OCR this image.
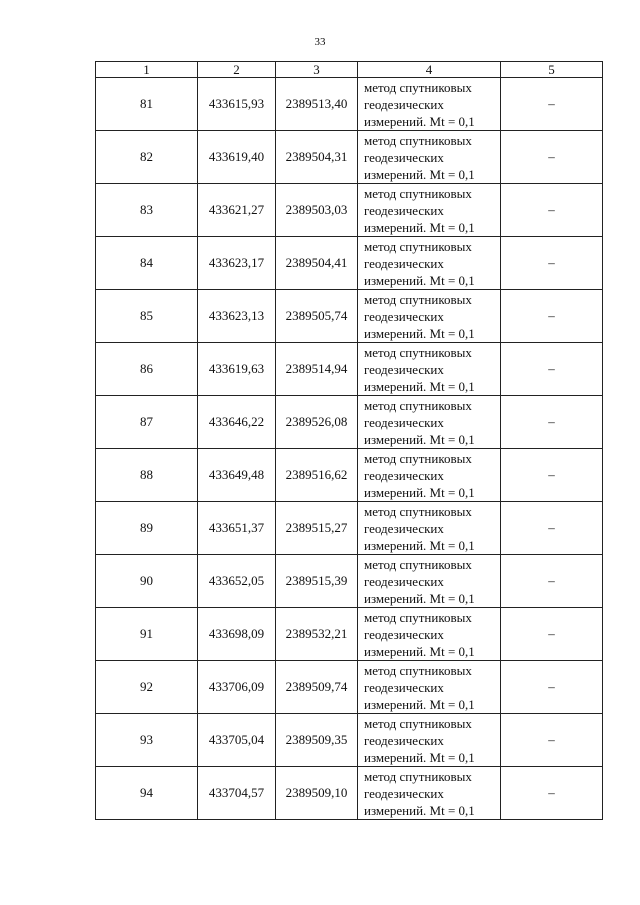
33
1	2	3	4	5
81	433615,93	2389513,40	метод спутниковых
геодезических
измерений. Mt = 0,1	–
82	433619,40	2389504,31	метод спутниковых
геодезических
измерений. Mt = 0,1	–
83	433621,27	2389503,03	метод спутниковых
геодезических
измерений. Mt = 0,1	–
84	433623,17	2389504,41	метод спутниковых
геодезических
измерений. Mt = 0,1	–
85	433623,13	2389505,74	метод спутниковых
геодезических
измерений. Mt = 0,1	–
86	433619,63	2389514,94	метод спутниковых
геодезических
измерений. Mt = 0,1	–
87	433646,22	2389526,08	метод спутниковых
геодезических
измерений. Mt = 0,1	–
88	433649,48	2389516,62	метод спутниковых
геодезических
измерений. Mt = 0,1	–
89	433651,37	2389515,27	метод спутниковых
геодезических
измерений. Mt = 0,1	–
90	433652,05	2389515,39	метод спутниковых
геодезических
измерений. Mt = 0,1	–
91	433698,09	2389532,21	метод спутниковых
геодезических
измерений. Mt = 0,1	–
92	433706,09	2389509,74	метод спутниковых
геодезических
измерений. Mt = 0,1	–
93	433705,04	2389509,35	метод спутниковых
геодезических
измерений. Mt = 0,1	–
94	433704,57	2389509,10	метод спутниковых
геодезических
измерений. Mt = 0,1	–
